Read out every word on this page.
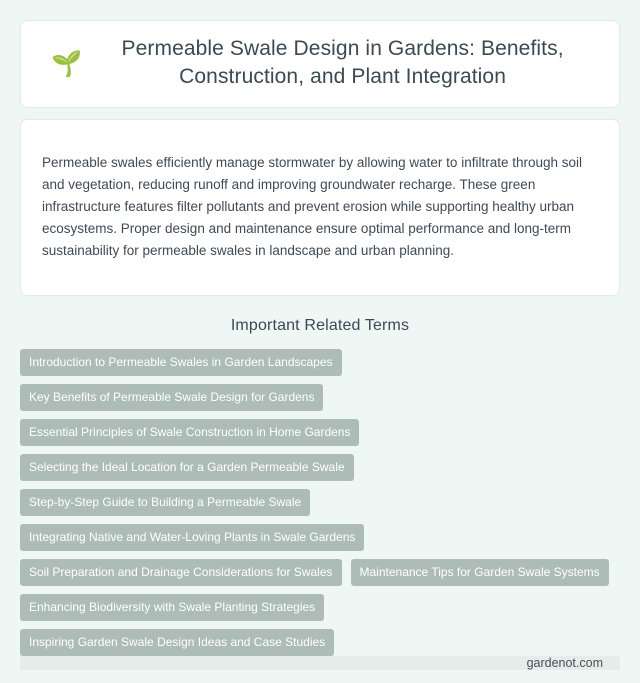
🌱
Permeable Swale Design in Gardens: Benefits, Construction, and Plant Integration

Permeable swales efficiently manage stormwater by allowing water to infiltrate through soil and vegetation, reducing runoff and improving groundwater recharge. These green infrastructure features filter pollutants and prevent erosion while supporting healthy urban ecosystems. Proper design and maintenance ensure optimal performance and long-term sustainability for permeable swales in landscape and urban planning.

Important Related Terms
Introduction to Permeable Swales in Garden Landscapes
Key Benefits of Permeable Swale Design for Gardens
Essential Principles of Swale Construction in Home Gardens
Selecting the Ideal Location for a Garden Permeable Swale
Step-by-Step Guide to Building a Permeable Swale
Integrating Native and Water-Loving Plants in Swale Gardens
Soil Preparation and Drainage Considerations for Swales	Maintenance Tips for Garden Swale Systems
Enhancing Biodiversity with Swale Planting Strategies
Inspiring Garden Swale Design Ideas and Case Studies
gardenot.com
